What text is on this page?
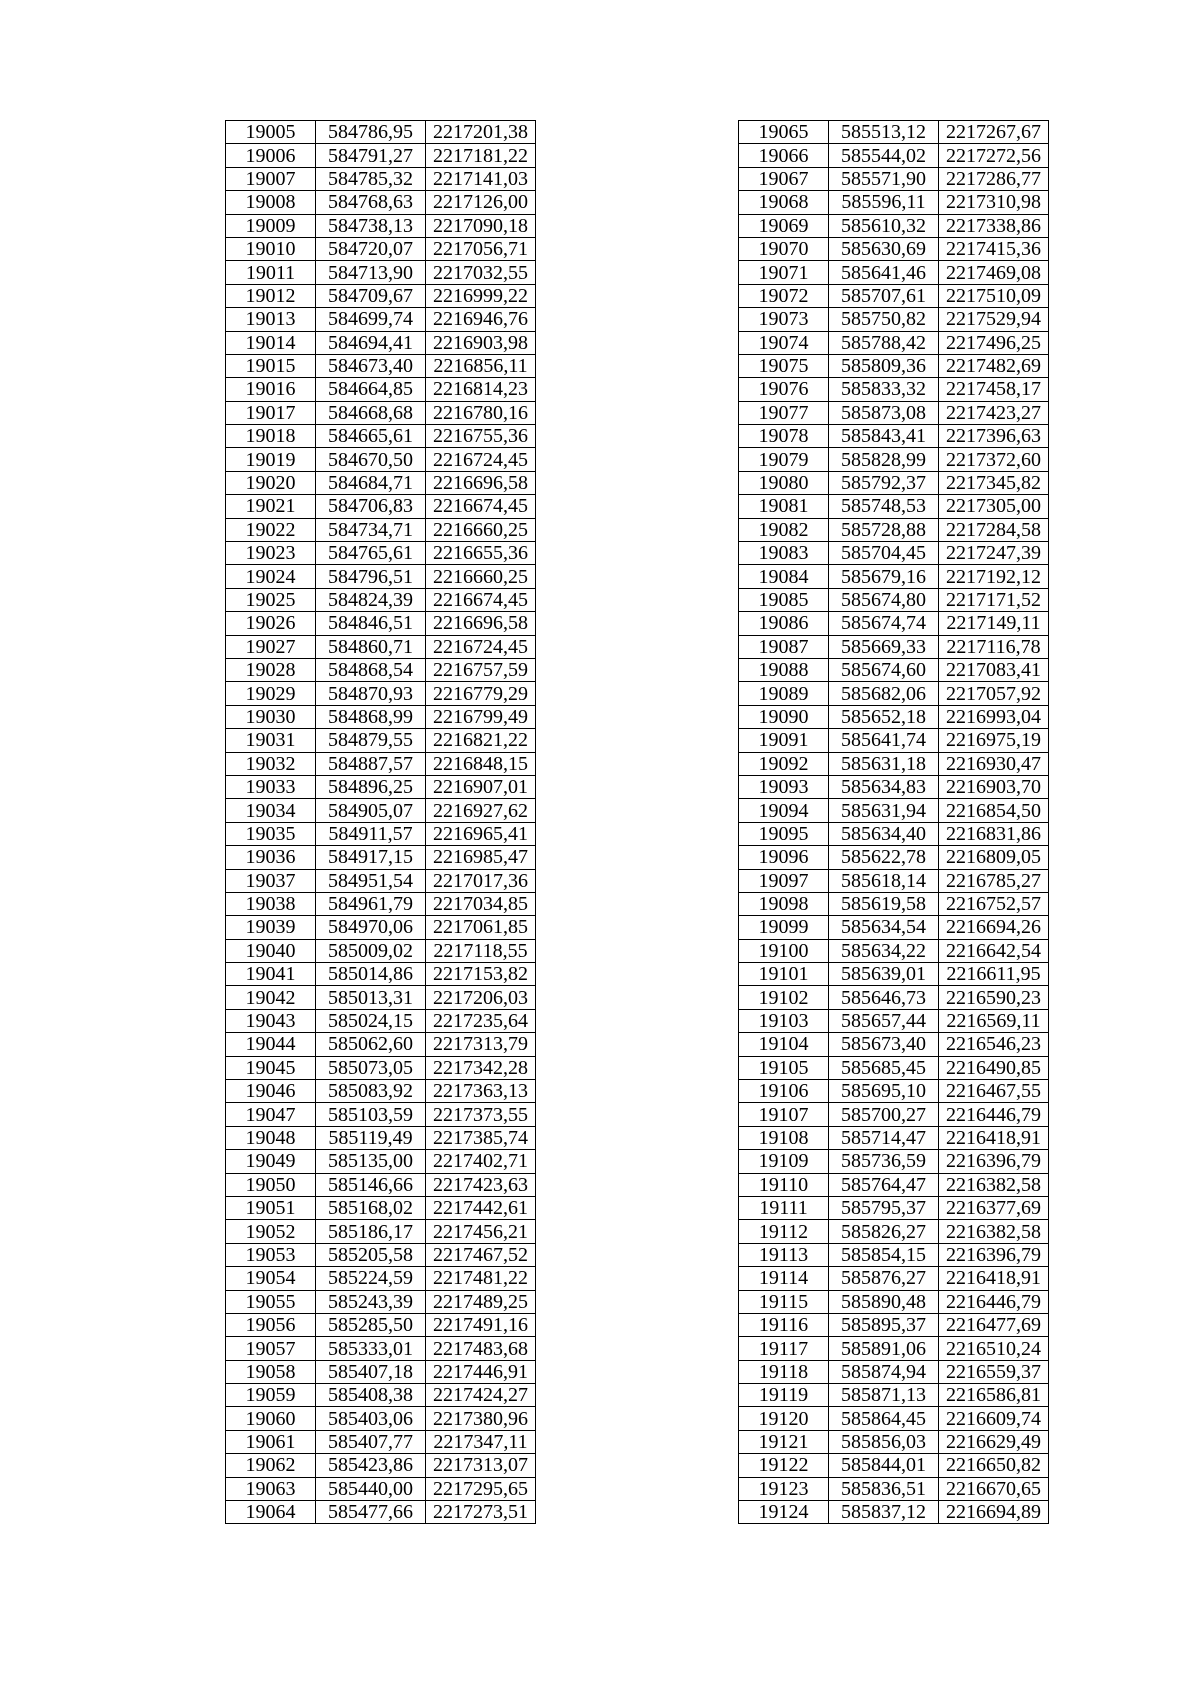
19005	584786,95	2217201,38
19006	584791,27	2217181,22
19007	584785,32	2217141,03
19008	584768,63	2217126,00
19009	584738,13	2217090,18
19010	584720,07	2217056,71
19011	584713,90	2217032,55
19012	584709,67	2216999,22
19013	584699,74	2216946,76
19014	584694,41	2216903,98
19015	584673,40	2216856,11
19016	584664,85	2216814,23
19017	584668,68	2216780,16
19018	584665,61	2216755,36
19019	584670,50	2216724,45
19020	584684,71	2216696,58
19021	584706,83	2216674,45
19022	584734,71	2216660,25
19023	584765,61	2216655,36
19024	584796,51	2216660,25
19025	584824,39	2216674,45
19026	584846,51	2216696,58
19027	584860,71	2216724,45
19028	584868,54	2216757,59
19029	584870,93	2216779,29
19030	584868,99	2216799,49
19031	584879,55	2216821,22
19032	584887,57	2216848,15
19033	584896,25	2216907,01
19034	584905,07	2216927,62
19035	584911,57	2216965,41
19036	584917,15	2216985,47
19037	584951,54	2217017,36
19038	584961,79	2217034,85
19039	584970,06	2217061,85
19040	585009,02	2217118,55
19041	585014,86	2217153,82
19042	585013,31	2217206,03
19043	585024,15	2217235,64
19044	585062,60	2217313,79
19045	585073,05	2217342,28
19046	585083,92	2217363,13
19047	585103,59	2217373,55
19048	585119,49	2217385,74
19049	585135,00	2217402,71
19050	585146,66	2217423,63
19051	585168,02	2217442,61
19052	585186,17	2217456,21
19053	585205,58	2217467,52
19054	585224,59	2217481,22
19055	585243,39	2217489,25
19056	585285,50	2217491,16
19057	585333,01	2217483,68
19058	585407,18	2217446,91
19059	585408,38	2217424,27
19060	585403,06	2217380,96
19061	585407,77	2217347,11
19062	585423,86	2217313,07
19063	585440,00	2217295,65
19064	585477,66	2217273,51
19065	585513,12	2217267,67
19066	585544,02	2217272,56
19067	585571,90	2217286,77
19068	585596,11	2217310,98
19069	585610,32	2217338,86
19070	585630,69	2217415,36
19071	585641,46	2217469,08
19072	585707,61	2217510,09
19073	585750,82	2217529,94
19074	585788,42	2217496,25
19075	585809,36	2217482,69
19076	585833,32	2217458,17
19077	585873,08	2217423,27
19078	585843,41	2217396,63
19079	585828,99	2217372,60
19080	585792,37	2217345,82
19081	585748,53	2217305,00
19082	585728,88	2217284,58
19083	585704,45	2217247,39
19084	585679,16	2217192,12
19085	585674,80	2217171,52
19086	585674,74	2217149,11
19087	585669,33	2217116,78
19088	585674,60	2217083,41
19089	585682,06	2217057,92
19090	585652,18	2216993,04
19091	585641,74	2216975,19
19092	585631,18	2216930,47
19093	585634,83	2216903,70
19094	585631,94	2216854,50
19095	585634,40	2216831,86
19096	585622,78	2216809,05
19097	585618,14	2216785,27
19098	585619,58	2216752,57
19099	585634,54	2216694,26
19100	585634,22	2216642,54
19101	585639,01	2216611,95
19102	585646,73	2216590,23
19103	585657,44	2216569,11
19104	585673,40	2216546,23
19105	585685,45	2216490,85
19106	585695,10	2216467,55
19107	585700,27	2216446,79
19108	585714,47	2216418,91
19109	585736,59	2216396,79
19110	585764,47	2216382,58
19111	585795,37	2216377,69
19112	585826,27	2216382,58
19113	585854,15	2216396,79
19114	585876,27	2216418,91
19115	585890,48	2216446,79
19116	585895,37	2216477,69
19117	585891,06	2216510,24
19118	585874,94	2216559,37
19119	585871,13	2216586,81
19120	585864,45	2216609,74
19121	585856,03	2216629,49
19122	585844,01	2216650,82
19123	585836,51	2216670,65
19124	585837,12	2216694,89
